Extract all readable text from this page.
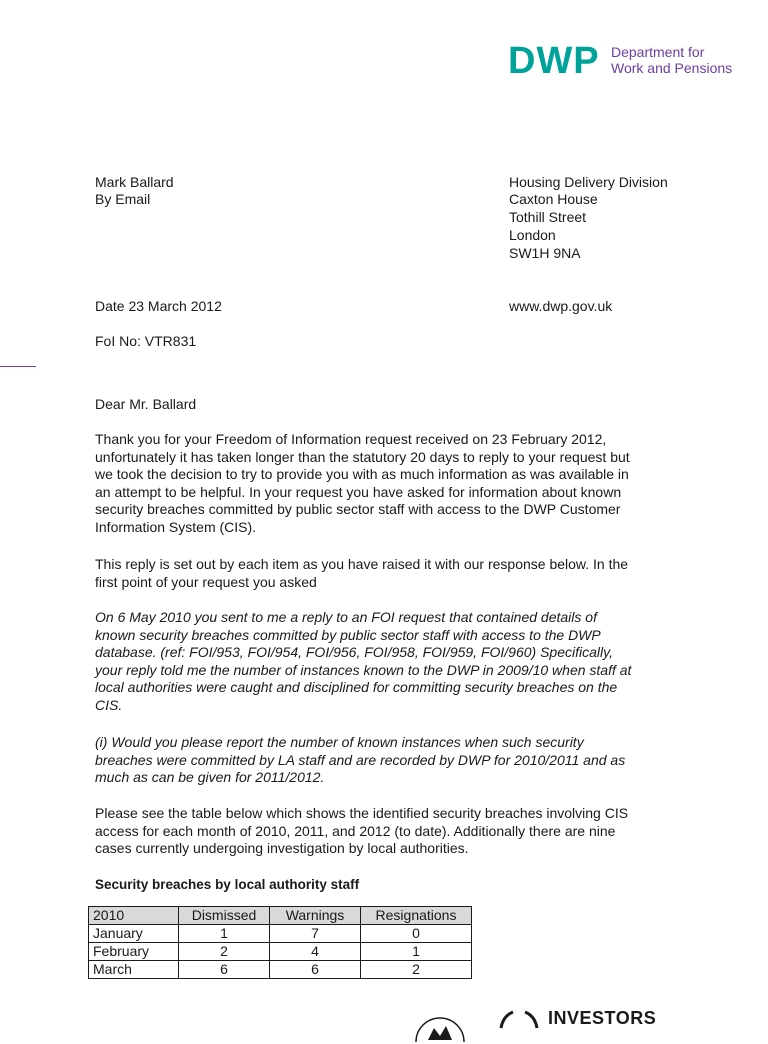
DWP Department for
Work and Pensions
Mark Ballard
By Email
Housing Delivery Division
Caxton House
Tothill Street
London
SW1H 9NA
Date 23 March 2012	www.dwp.gov.uk
FoI No: VTR831
Dear Mr. Ballard
Thank you for your Freedom of Information request received on 23 February 2012,
unfortunately it has taken longer than the statutory 20 days to reply to your request but
we took the decision to try to provide you with as much information as was available in
an attempt to be helpful. In your request you have asked for information about known
security breaches committed by public sector staff with access to the DWP Customer
Information System (CIS).
This reply is set out by each item as you have raised it with our response below. In the
first point of your request you asked
On 6 May 2010 you sent to me a reply to an FOI request that contained details of
known security breaches committed by public sector staff with access to the DWP
database. (ref: FOI/953, FOI/954, FOI/956, FOI/958, FOI/959, FOI/960) Specifically,
your reply told me the number of instances known to the DWP in 2009/10 when staff at
local authorities were caught and disciplined for committing security breaches on the
CIS.
(i) Would you please report the number of known instances when such security
breaches were committed by LA staff and are recorded by DWP for 2010/2011 and as
much as can be given for 2011/2012.
Please see the table below which shows the identified security breaches involving CIS
access for each month of 2010, 2011, and 2012 (to date). Additionally there are nine
cases currently undergoing investigation by local authorities.
Security breaches by local authority staff
2010	Dismissed	Warnings	Resignations
January	1	7	0
February	2	4	1
March	6	6	2
INVESTORS
